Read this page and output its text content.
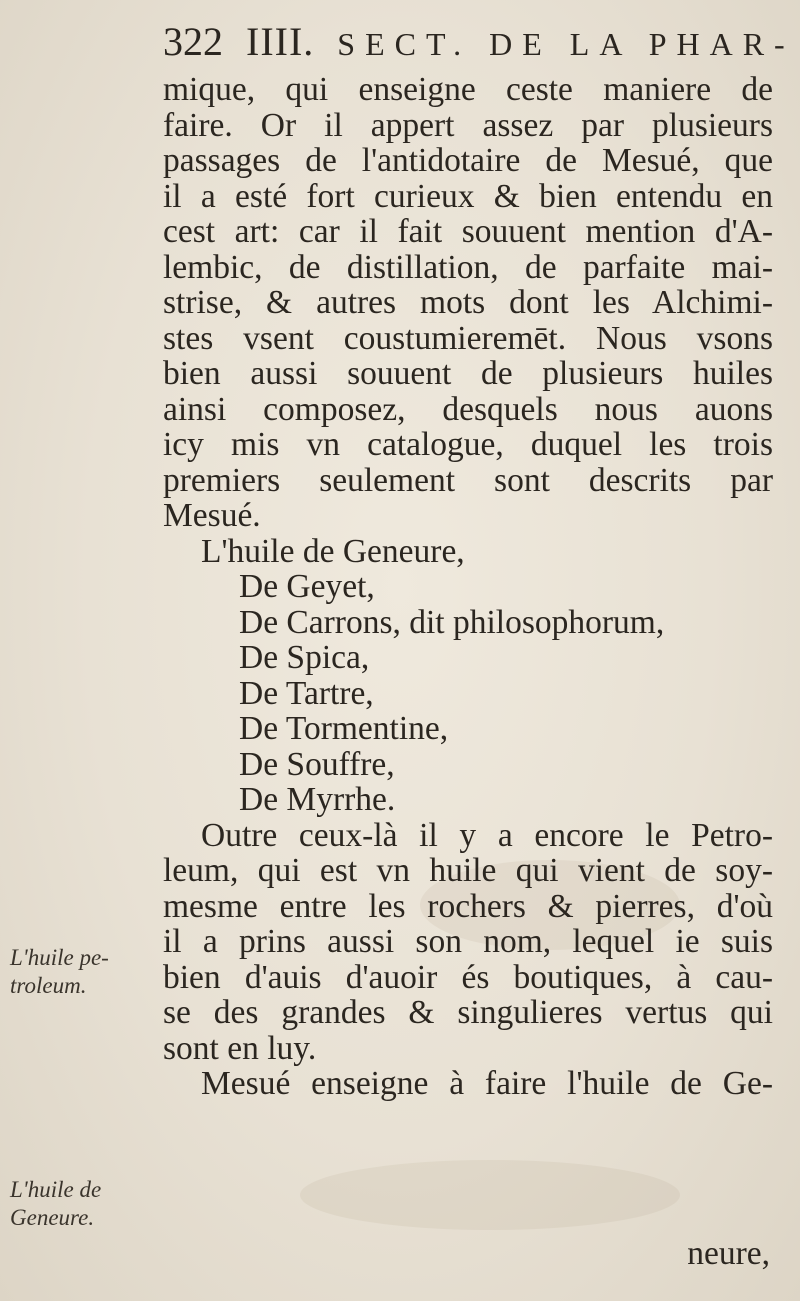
322 IIII. SECT. DE LA PHAR-
mique, qui enseigne ceste maniere de
faire. Or il appert assez par plusieurs
passages de l'antidotaire de Mesué, que
il a esté fort curieux & bien entendu en
cest art: car il fait souuent mention d'A-
lembic, de distillation, de parfaite mai-
strise, & autres mots dont les Alchimi-
stes vsent coustumieremēt. Nous vsons
bien aussi souuent de plusieurs huiles
ainsi composez, desquels nous auons
icy mis vn catalogue, duquel les trois
premiers seulement sont descrits par
Mesué.
L'huile de Geneure,
De Geyet,
De Carrons, dit philosophorum,
De Spica,
De Tartre,
De Tormentine,
De Souffre,
De Myrrhe.
Outre ceux-là il y a encore le Petro-
leum, qui est vn huile qui vient de soy-
mesme entre les rochers & pierres, d'où
il a prins aussi son nom, lequel ie suis
bien d'auis d'auoir és boutiques, à cau-
se des grandes & singulieres vertus qui
sont en luy.
Mesué enseigne à faire l'huile de Ge-
neure,
L'huile pe-
troleum.
L'huile de
Geneure.
